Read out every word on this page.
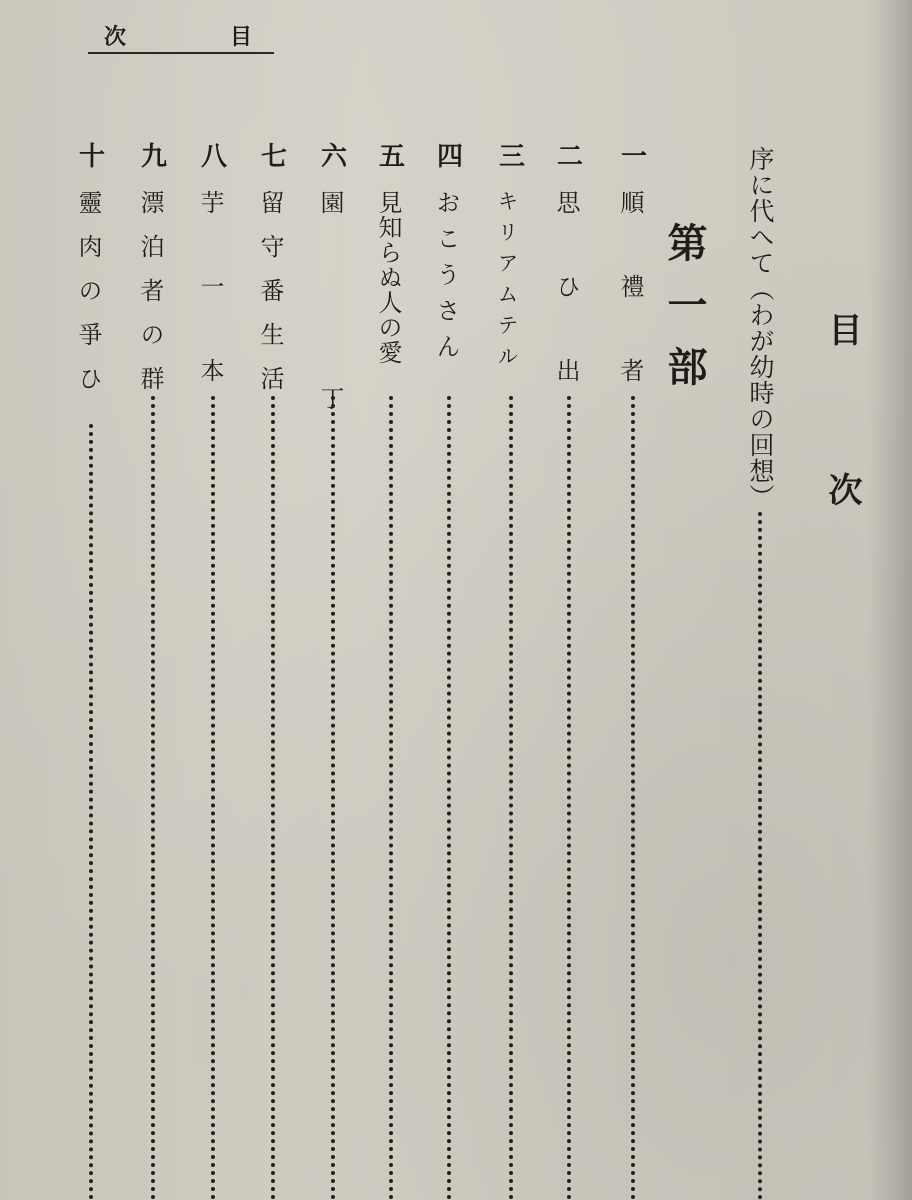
次	目
目
次
序に代へて（わが幼時の回想）
第一部
一
順 禮 者
二
思 ひ 出
三
キリアムテル
四
おこうさん
五
見知らぬ人の愛
六
園 丁
七
留守番生活
八
芋 一 本
九
漂泊者の群
十
靈肉の爭ひ
